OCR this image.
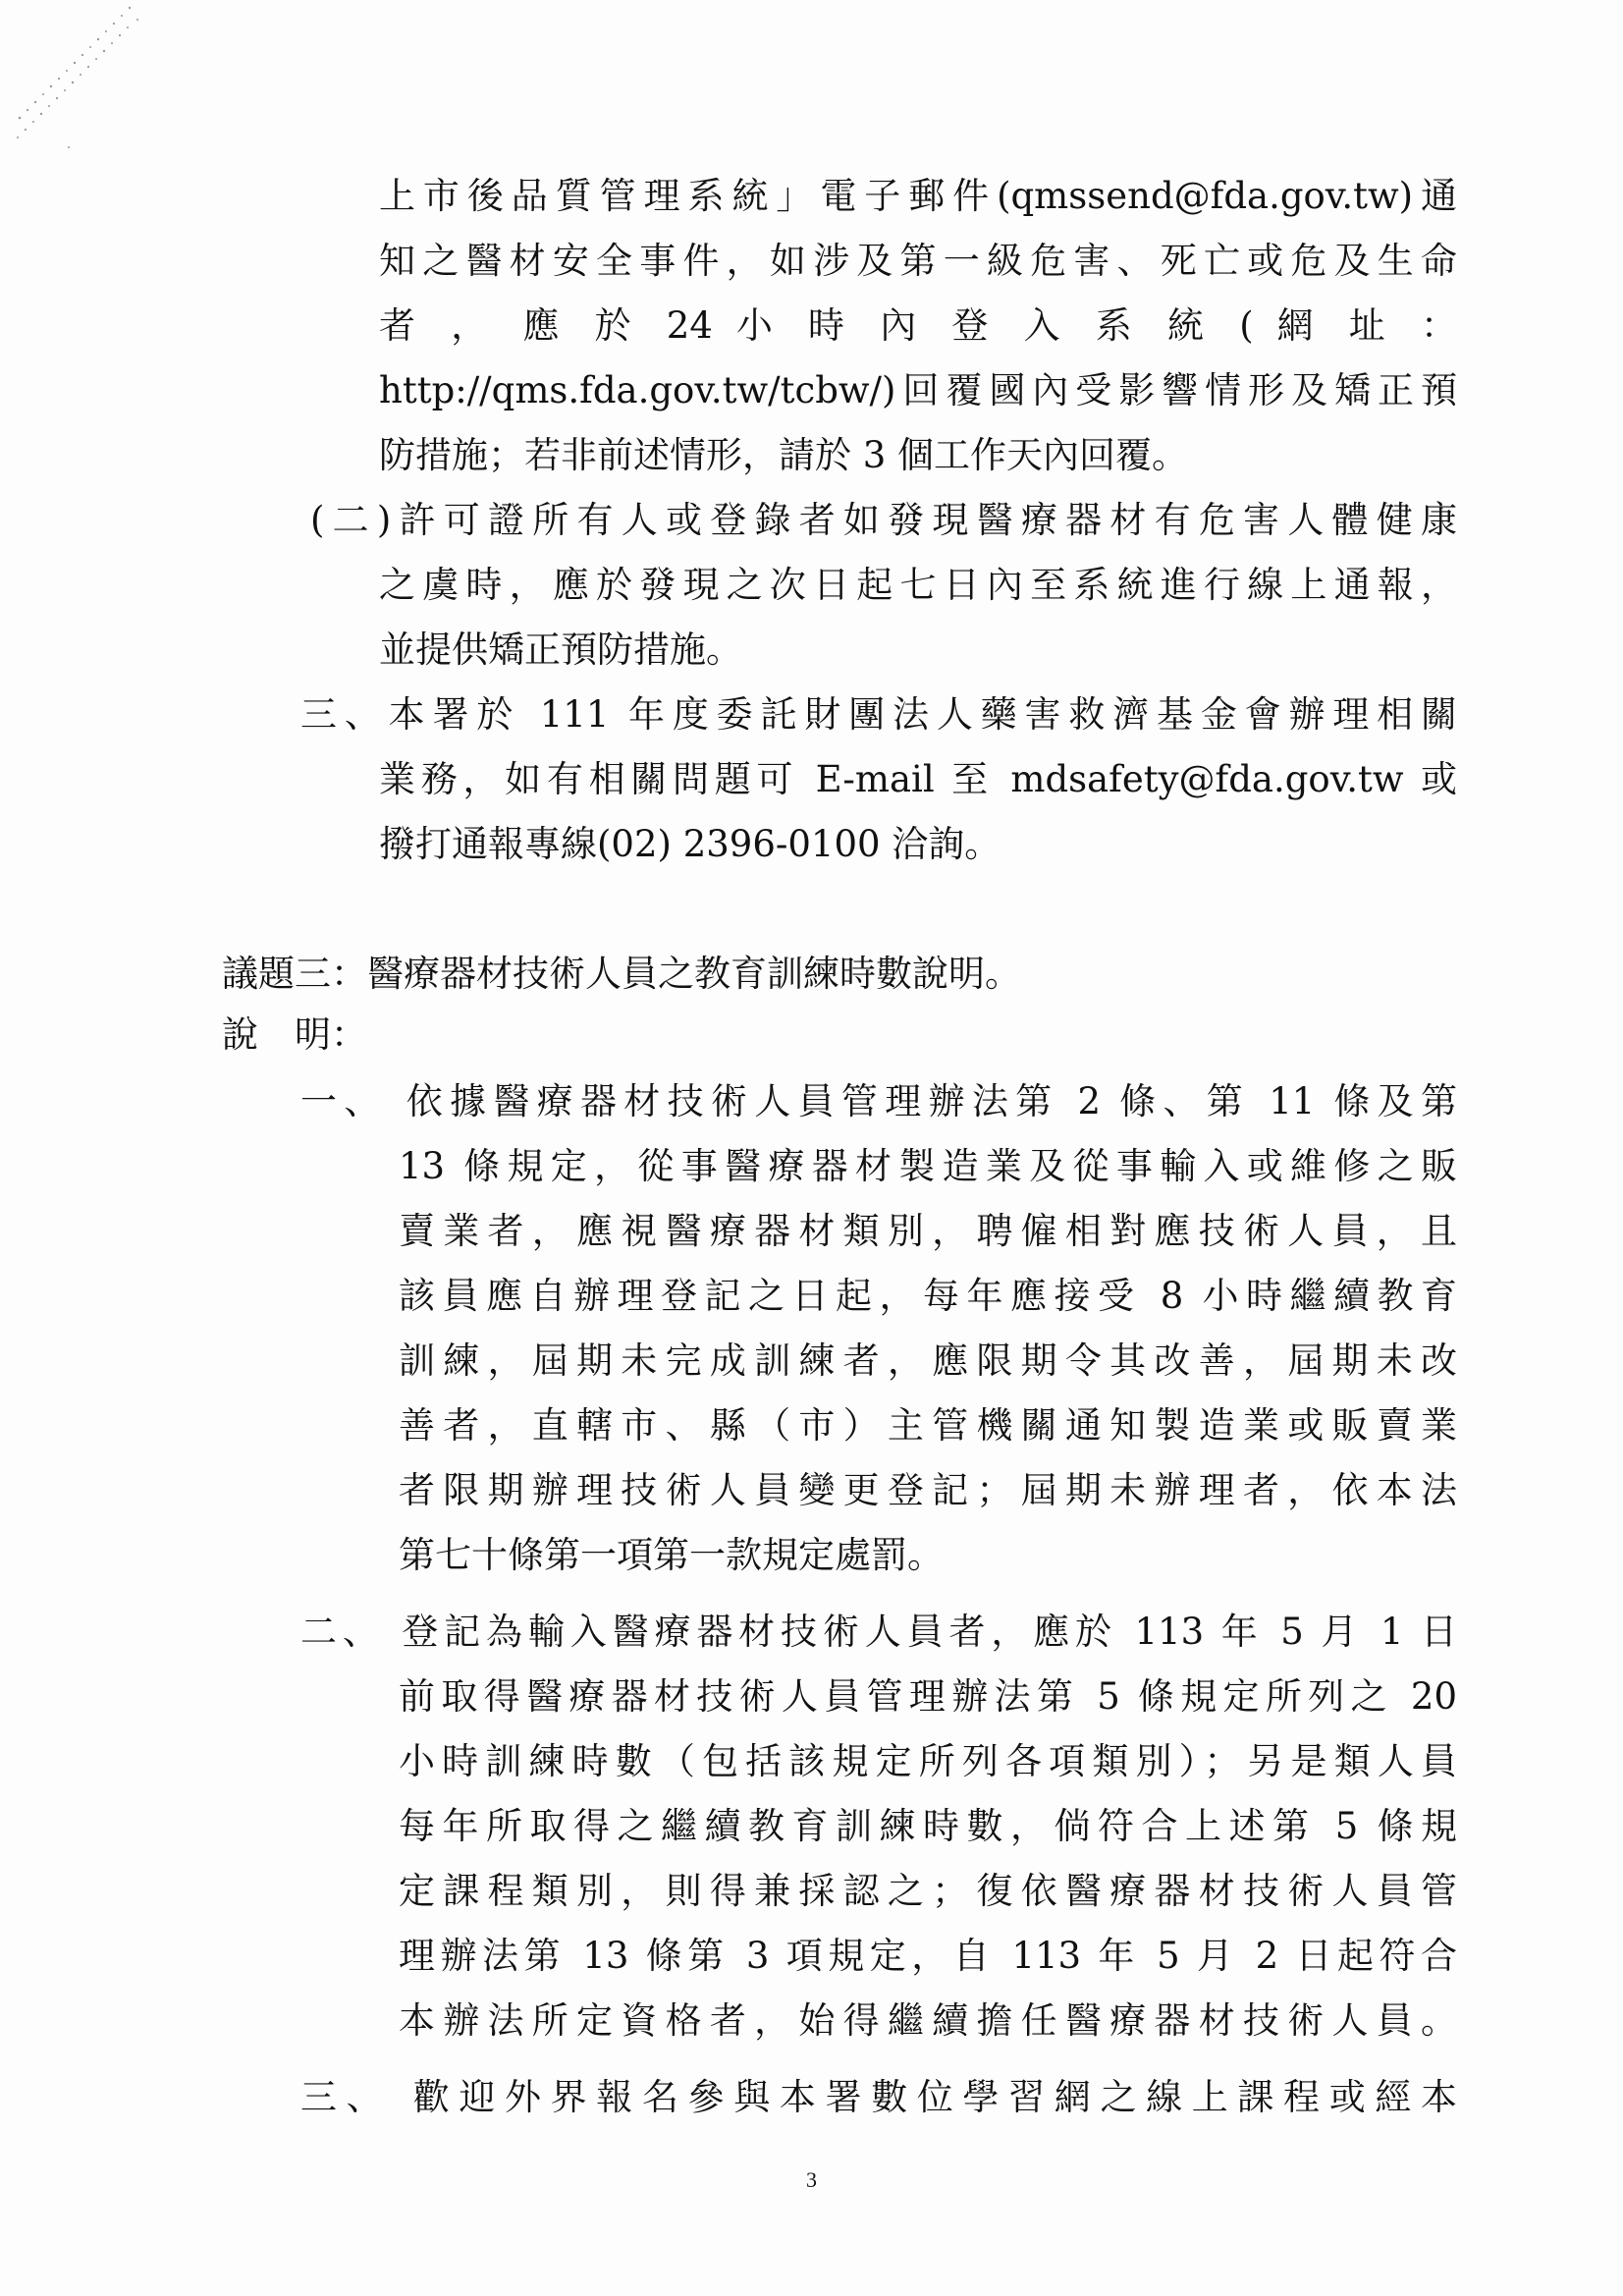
上市後品質管理系統」電子郵件(qmssend@fda.gov.tw)通
知之醫材安全事件，如涉及第一級危害、死亡或危及生命
者 ， 應 於 24 小 時 內 登 入 系 統 ( 網 址 ：
http://qms.fda.gov.tw/tcbw/)回覆國內受影響情形及矯正預
防措施；若非前述情形，請於 3 個工作天內回覆。
(二)許可證所有人或登錄者如發現醫療器材有危害人體健康
之虞時，應於發現之次日起七日內至系統進行線上通報，
並提供矯正預防措施。
三、本署於 111 年度委託財團法人藥害救濟基金會辦理相關
業務，如有相關問題可 E-mail 至 mdsafety@fda.gov.tw 或
撥打通報專線(02) 2396-0100 洽詢。
議題三：醫療器材技術人員之教育訓練時數說明。
說　明：
一、 依據醫療器材技術人員管理辦法第 2 條、第 11 條及第
13 條規定，從事醫療器材製造業及從事輸入或維修之販
賣業者，應視醫療器材類別，聘僱相對應技術人員，且
該員應自辦理登記之日起，每年應接受 8 小時繼續教育
訓練，屆期未完成訓練者，應限期令其改善，屆期未改
善者，直轄市、縣（市）主管機關通知製造業或販賣業
者限期辦理技術人員變更登記；屆期未辦理者，依本法
第七十條第一項第一款規定處罰。
二、 登記為輸入醫療器材技術人員者，應於 113 年 5 月 1 日
前取得醫療器材技術人員管理辦法第 5 條規定所列之 20
小時訓練時數（包括該規定所列各項類別）；另是類人員
每年所取得之繼續教育訓練時數，倘符合上述第 5 條規
定課程類別，則得兼採認之；復依醫療器材技術人員管
理辦法第 13 條第 3 項規定，自 113 年 5 月 2 日起符合
本辦法所定資格者，始得繼續擔任醫療器材技術人員。
三、 歡迎外界報名參與本署數位學習網之線上課程或經本
3
